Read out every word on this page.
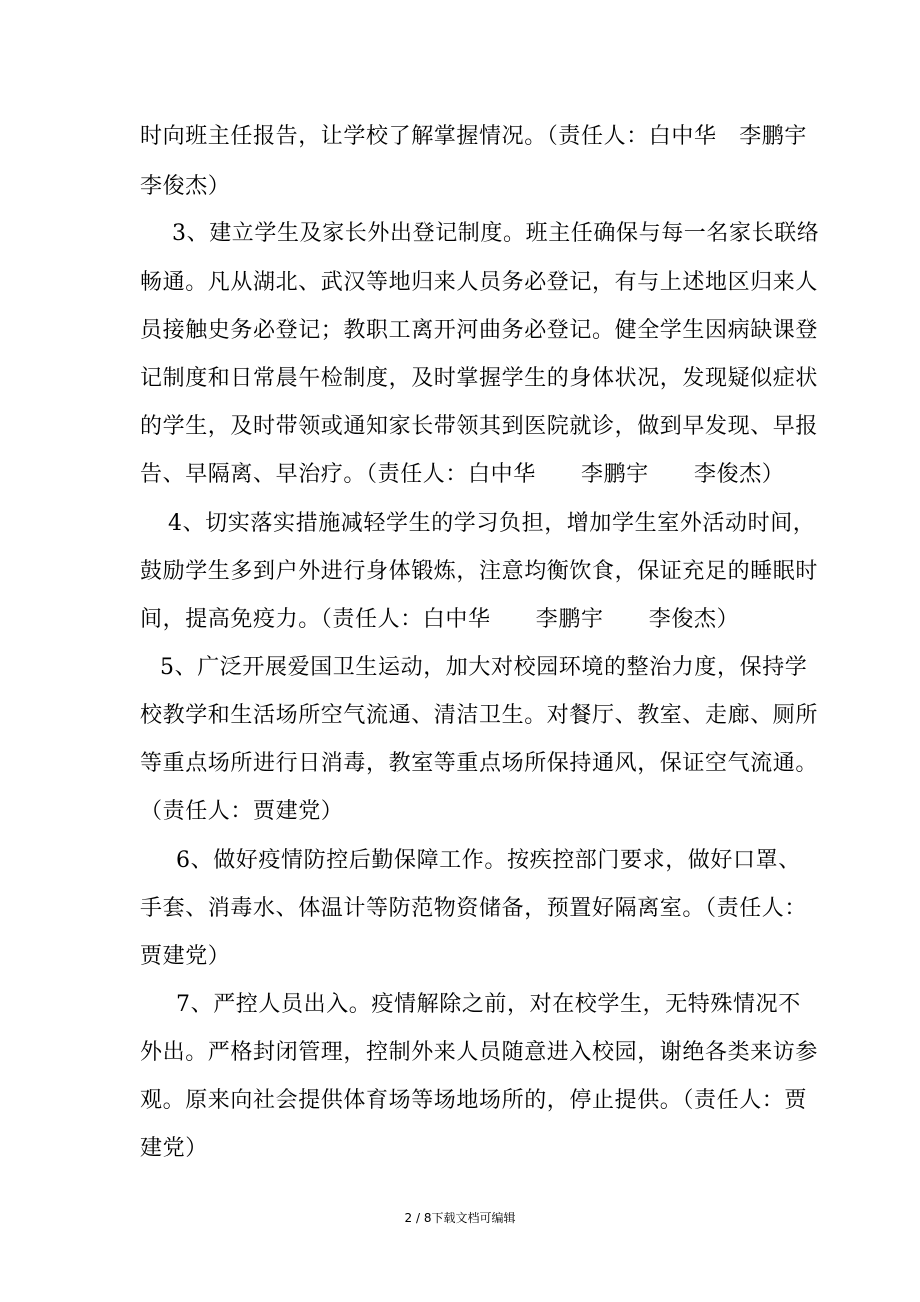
时向班主任报告，让学校了解掌握情况。（责任人：白中华　李鹏宇
李俊杰）
3、建立学生及家长外出登记制度。班主任确保与每一名家长联络
畅通。凡从湖北、武汉等地归来人员务必登记，有与上述地区归来人
员接触史务必登记；教职工离开河曲务必登记。健全学生因病缺课登
记制度和日常晨午检制度，及时掌握学生的身体状况，发现疑似症状
的学生，及时带领或通知家长带领其到医院就诊，做到早发现、早报
告、早隔离、早治疗。（责任人：白中华　　李鹏宇　　李俊杰）
4、切实落实措施减轻学生的学习负担，增加学生室外活动时间，
鼓励学生多到户外进行身体锻炼，注意均衡饮食，保证充足的睡眠时
间，提高免疫力。（责任人：白中华　　李鹏宇　　李俊杰）
5、广泛开展爱国卫生运动，加大对校园环境的整治力度，保持学
校教学和生活场所空气流通、清洁卫生。对餐厅、教室、走廊、厕所
等重点场所进行日消毒，教室等重点场所保持通风，保证空气流通。
（责任人：贾建党）
6、做好疫情防控后勤保障工作。按疾控部门要求，做好口罩、
手套、消毒水、体温计等防范物资储备，预置好隔离室。（责任人：
贾建党）
7、严控人员出入。疫情解除之前，对在校学生，无特殊情况不
外出。严格封闭管理，控制外来人员随意进入校园，谢绝各类来访参
观。原来向社会提供体育场等场地场所的，停止提供。（责任人：贾
建党）
2 / 8下载文档可编辑
